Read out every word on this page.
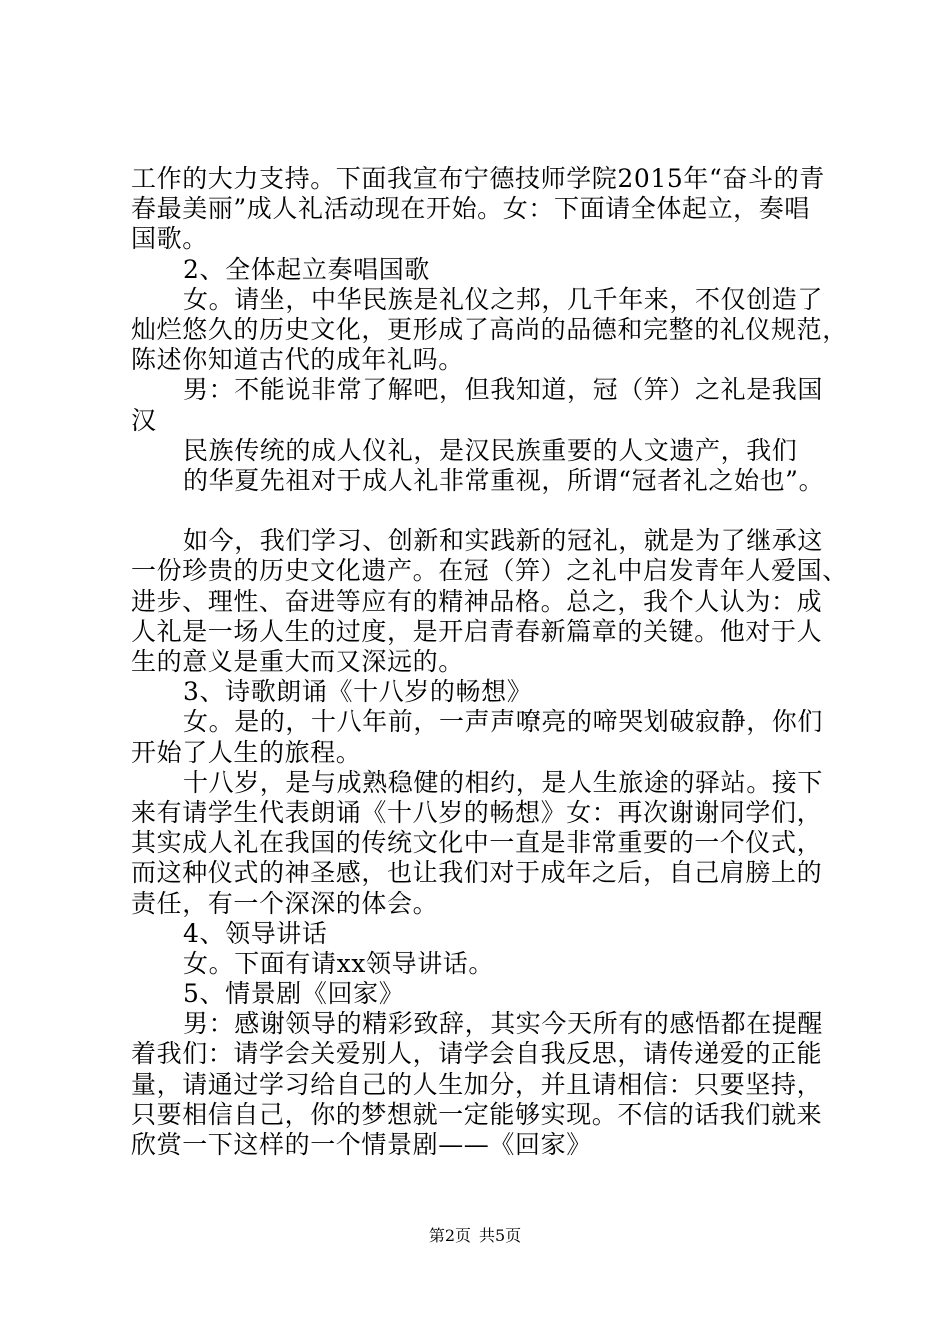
工作的大力支持。下面我宣布宁德技师学院2015年“奋斗的青
春最美丽”成人礼活动现在开始。女：下面请全体起立，奏唱
国歌。
2、全体起立奏唱国歌
女。请坐，中华民族是礼仪之邦，几千年来，不仅创造了
灿烂悠久的历史文化，更形成了高尚的品德和完整的礼仪规范，
陈述你知道古代的成年礼吗。
男：不能说非常了解吧，但我知道，冠（笄）之礼是我国
汉
民族传统的成人仪礼，是汉民族重要的人文遗产，我们
的华夏先祖对于成人礼非常重视，所谓“冠者礼之始也”。
如今，我们学习、创新和实践新的冠礼，就是为了继承这
一份珍贵的历史文化遗产。在冠（笄）之礼中启发青年人爱国、
进步、理性、奋进等应有的精神品格。总之，我个人认为：成
人礼是一场人生的过度，是开启青春新篇章的关键。他对于人
生的意义是重大而又深远的。
3、诗歌朗诵《十八岁的畅想》
女。是的，十八年前，一声声嘹亮的啼哭划破寂静，你们
开始了人生的旅程。
十八岁，是与成熟稳健的相约，是人生旅途的驿站。接下
来有请学生代表朗诵《十八岁的畅想》女：再次谢谢同学们，
其实成人礼在我国的传统文化中一直是非常重要的一个仪式，
而这种仪式的神圣感，也让我们对于成年之后，自己肩膀上的
责任，有一个深深的体会。
4、领导讲话
女。下面有请xx领导讲话。
5、情景剧《回家》
男：感谢领导的精彩致辞，其实今天所有的感悟都在提醒
着我们：请学会关爱别人，请学会自我反思，请传递爱的正能
量，请通过学习给自己的人生加分，并且请相信：只要坚持，
只要相信自己，你的梦想就一定能够实现。不信的话我们就来
欣赏一下这样的一个情景剧——《回家》
第2页 共5页
